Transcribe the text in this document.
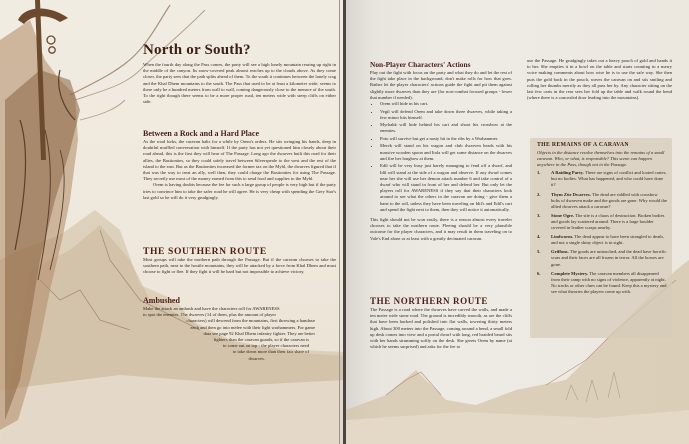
North or South?

When the fourth day along the Pass comes, the party will see a high lonely mountain rearing up right in the middle of the canyon. Its snow-covered peak almost reaches up to the clouds above. As they come closer, the party sees that the path splits ahead of them. To the south it continues between the lonely crag and the Khal Dhem mountains to the south. The Pass that used to be at least a kilometer wide, seems to there only be a hundred meters from wall to wall, coming dangerously close to the menace of the south. To the right though there seems to be a more proper road, ten meters wide with steep cliffs on either side.

Between a Rock and a Hard Place

As the road forks, the caravan halts for a while by Orem's orders. He sits wringing his hands, deep in doubtful muffled conversation with himself. If the party has not yet questioned him closely about their road ahead, this is the first they will hear of The Passage. Long ago the dwarves built this road for their allies, the Bastionites, so they could safely travel between Silverspeale to the west and the rest of the island to the east. But as the Bastionites increased the former tax on the Myhl, the dwarves figured that if that was the way to treat an ally, well then, they could charge the Bastionites for using The Passage. They secretly use most of the money earned from this to send food and supplies to the Myhl.

Orem is having doubts because the fee for such a large group of people is very high but if the party tries to convince him to take the safer road he will agree. He is very cheap with spending the Grey Star's last gold so he will do it very grudgingly.

THE SOUTHERN ROUTE

Most groups will take the northern path through the Passage. But if the caravan chooses to take the southern path, near to the hostile mountains, they will be attacked by a force from Khal Dhem and must choose to fight or flee. If they fight it will be hard but not impossible to achieve victory.

Ambushed

Make the attack an ambush and have the characters roll for AWARENESS

to spot the enemies. The dwarves (14 of them, plus the amount of player

characters) will descend from the mountains, first throwing a handaxe

each and then go into melee with their light warhammers. For game

data see page 92 Khal Dhem infantry fighter. They are better

fighters than the caravan guards, so if the caravan is

to come out on top - the player characters need

to take down more than their fair share of

dwarves.

Non-Player Characters' Actions

Play out the fight with focus on the party and what they do and let the rest of the fight take place in the background, don't make rolls for how that goes. Rather let the player characters' actions guide the fight and pit them against slightly more dwarves than they are (for non-combat focused groups - lower that number if needed).

• Orem will hide in his cart.
• Vegil will defend Orem and take down three dwarves, while taking a few minor hits himself.
• Myrhakk will hide behind his cart and shoot his crossbow at the enemies.
• Poto will survive but get a nasty hit in the ribs by a Warhammer.
• Merek will stand on his wagon and club dwarven heads with his massive wooden spoon and Itola will get some distance on the dwarves and fire her longbow at them.
• Edil will be very busy just barely managing to fend off a dwarf, and Idil will stand at the side of a wagon and observe. If any dwarf comes near her she will use her demon attack number 6 and take control of a dwarf who will stand in front of her and defend her. But only let the players roll for AWARENESS if they say that their characters look around to see what the others in the caravan are doing - give them a bane to the roll, unless they have been traveling on Idil's and Edil's cart and spend the fight next to them, then they will notice it automatically.

This fight should not be won easily, there is a reason almost every traveler chooses to take the northern route. Fleeing should be a very plausible outcome for the player characters, and it may result in them traveling on to Vale's End alone or at least with a greatly decimated caravan.

THE NORTHERN ROUTE

The Passage is a road where the dwarves have carved the walls, and made a ten meter wide stone road. The ground is incredibly smooth, as are the cliffs that have been hacked and polished into flat walls, towering thirty meters high. About 300 meters into the Passage, coming around a bend, a small fold up desk comes into view and a portal dwarf with long, red braided beard sits with her hands strumming softly on the desk. She greets Orem by name (at which he seems surprised) and asks for the fee to

use the Passage. He grudgingly takes out a heavy pouch of gold and hands it to her. She empties it in a bowl on the table and starts counting in a merry voice making comments about how wise he is to use the safe way. She then puts the gold back in the pouch, waves the caravan on and sits smiling and rolling her thumbs merrily as they all pass her by. Any character sitting on the last few carts in the rear sees her fold up the table and walk round the bend (where there is a concealed door leading into the mountains).

THE REMAINS OF A CARAVAN
Objects in the distance resolve themselves into the remains of a small caravan. Who, or what, is responsible? This scene can happen anywhere in the Pass, though not in the Passage.
1.	A Raiding Party. There are signs of conflict and looted crates, but no bodies. What has happened, and who could have done it?
2.	Thym Zür Dwarves. The dead are riddled with crossbow bolts of dwarven make and the goods are gone. Why would the allied dwarves attack a caravan?
3.	Stone Ogre. The site is a chaos of destruction. Broken bodies and goods lay scattered around. There is a large boulder covered in leather scraps nearby.
4.	Lindworm. The dead appear to have been strangled to death, and not a single shiny object is in sight.
5.	Griffons. The goods are untouched, and the dead have horrific scars and their faces are all frozen in terror. All the horses are gone.
6.	Complete Mystery. The caravan members all disappeared from their camp with no signs of violence, apparently at night. No tracks or other clues can be found. Keep this a mystery and see what theories the players come up with.
